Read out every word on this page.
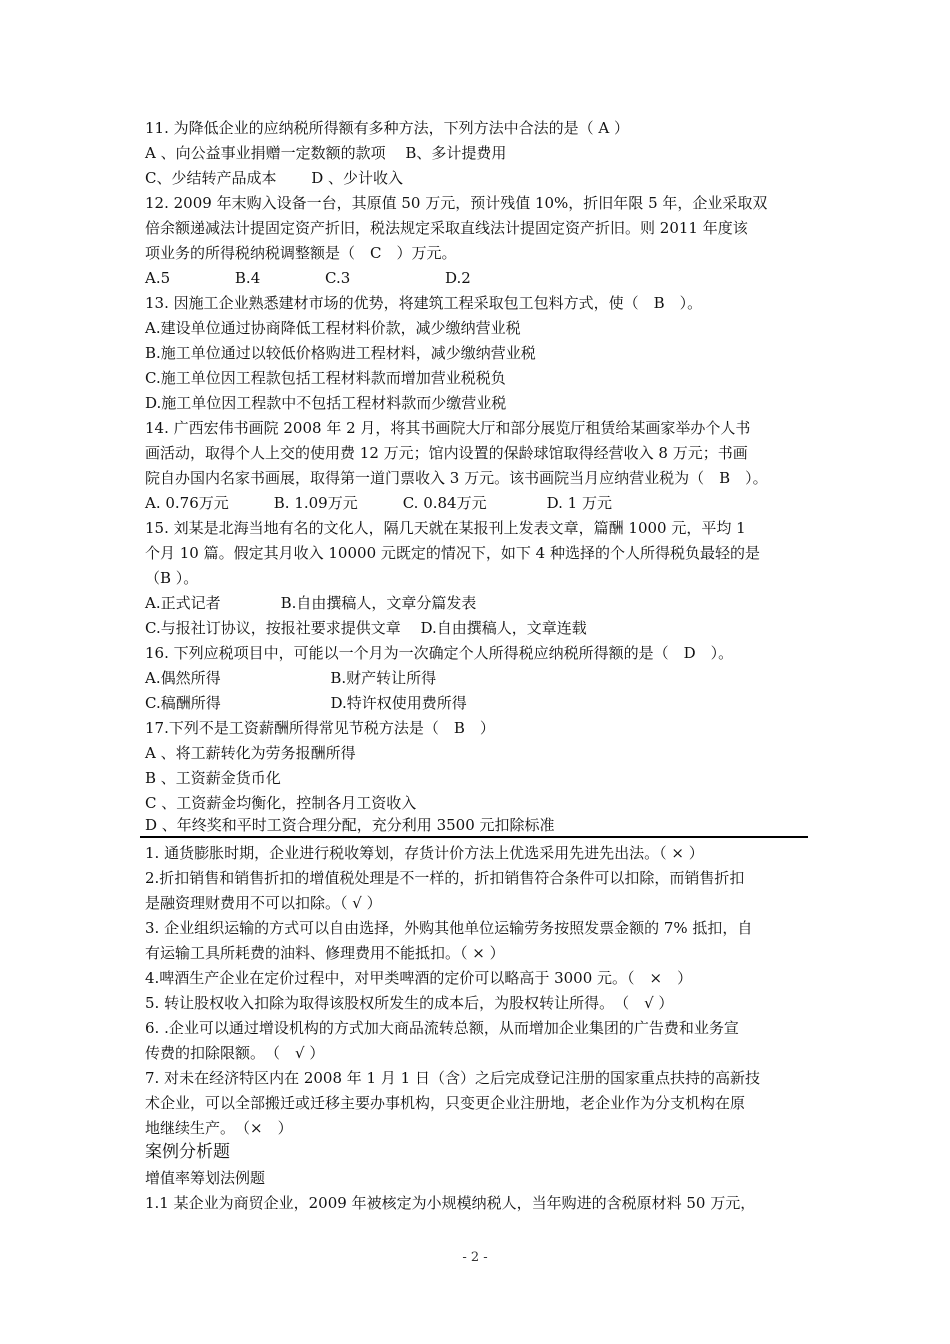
11. 为降低企业的应纳税所得额有多种方法，下列方法中合法的是（ A ）
A 、向公益事业捐赠一定数额的款项　 B、多计提费用
C、少结转产品成本　　 D 、少计收入
12. 2009 年末购入设备一台，其原值 50 万元，预计残值 10%，折旧年限 5 年，企业采取双
倍余额递减法计提固定资产折旧，税法规定采取直线法计提固定资产折旧。则 2011 年度该
项业务的所得税纳税调整额是（　C　）万元。
A.5　　　　 B.4　　　　 C.3　　　　　　 D.2
13. 因施工企业熟悉建材市场的优势，将建筑工程采取包工包料方式，使（　B　）。
A.建设单位通过协商降低工程材料价款，减少缴纳营业税
B.施工单位通过以较低价格购进工程材料，减少缴纳营业税
C.施工单位因工程款包括工程材料款而增加营业税税负
D.施工单位因工程款中不包括工程材料款而少缴营业税
14. 广西宏伟书画院 2008 年 2 月，将其书画院大厅和部分展览厅租赁给某画家举办个人书
画活动，取得个人上交的使用费 12 万元；馆内设置的保龄球馆取得经营收入 8 万元；书画
院自办国内名家书画展，取得第一道门票收入 3 万元。该书画院当月应纳营业税为（　B　）。
A. 0.76万元　　　B. 1.09万元　　　C. 0.84万元　　　　D. 1 万元
15. 刘某是北海当地有名的文化人，隔几天就在某报刊上发表文章，篇酬 1000 元，平均 1
个月 10 篇。假定其月收入 10000 元既定的情况下，如下 4 种选择的个人所得税负最轻的是
（B ）。
A.正式记者　　　　B.自由撰稿人，文章分篇发表
C.与报社订协议，按报社要求提供文章　 D.自由撰稿人，文章连载
16. 下列应税项目中，可能以一个月为一次确定个人所得税应纳税所得额的是（　D　）。
A.偶然所得　　　　　　　 B.财产转让所得
C.稿酬所得　　　　　　　 D.特许权使用费所得
17.下列不是工资薪酬所得常见节税方法是（　B　）
A 、将工薪转化为劳务报酬所得
B 、工资薪金货币化
C 、工资薪金均衡化，控制各月工资收入
D 、年终奖和平时工资合理分配，充分利用 3500 元扣除标准
1. 通货膨胀时期，企业进行税收筹划，存货计价方法上优选采用先进先出法。（ × ）
2.折扣销售和销售折扣的增值税处理是不一样的，折扣销售符合条件可以扣除，而销售折扣
是融资理财费用不可以扣除。（ √ ）
3. 企业组织运输的方式可以自由选择，外购其他单位运输劳务按照发票金额的 7% 抵扣，自
有运输工具所耗费的油料、修理费用不能抵扣。（ × ）
4.啤酒生产企业在定价过程中，对甲类啤酒的定价可以略高于 3000 元。（　×　）
5. 转让股权收入扣除为取得该股权所发生的成本后，为股权转让所得。　（　√ ）
6. .企业可以通过增设机构的方式加大商品流转总额，从而增加企业集团的广告费和业务宣
传费的扣除限额。　（　√ ）
7. 对未在经济特区内在 2008 年 1 月 1 日（含）之后完成登记注册的国家重点扶持的高新技
术企业，可以全部搬迁或迁移主要办事机构，只变更企业注册地，老企业作为分支机构在原
地继续生产。　（×　）
案例分析题
增值率筹划法例题
1.1 某企业为商贸企业，2009 年被核定为小规模纳税人，当年购进的含税原材料 50 万元，
- 2 -
